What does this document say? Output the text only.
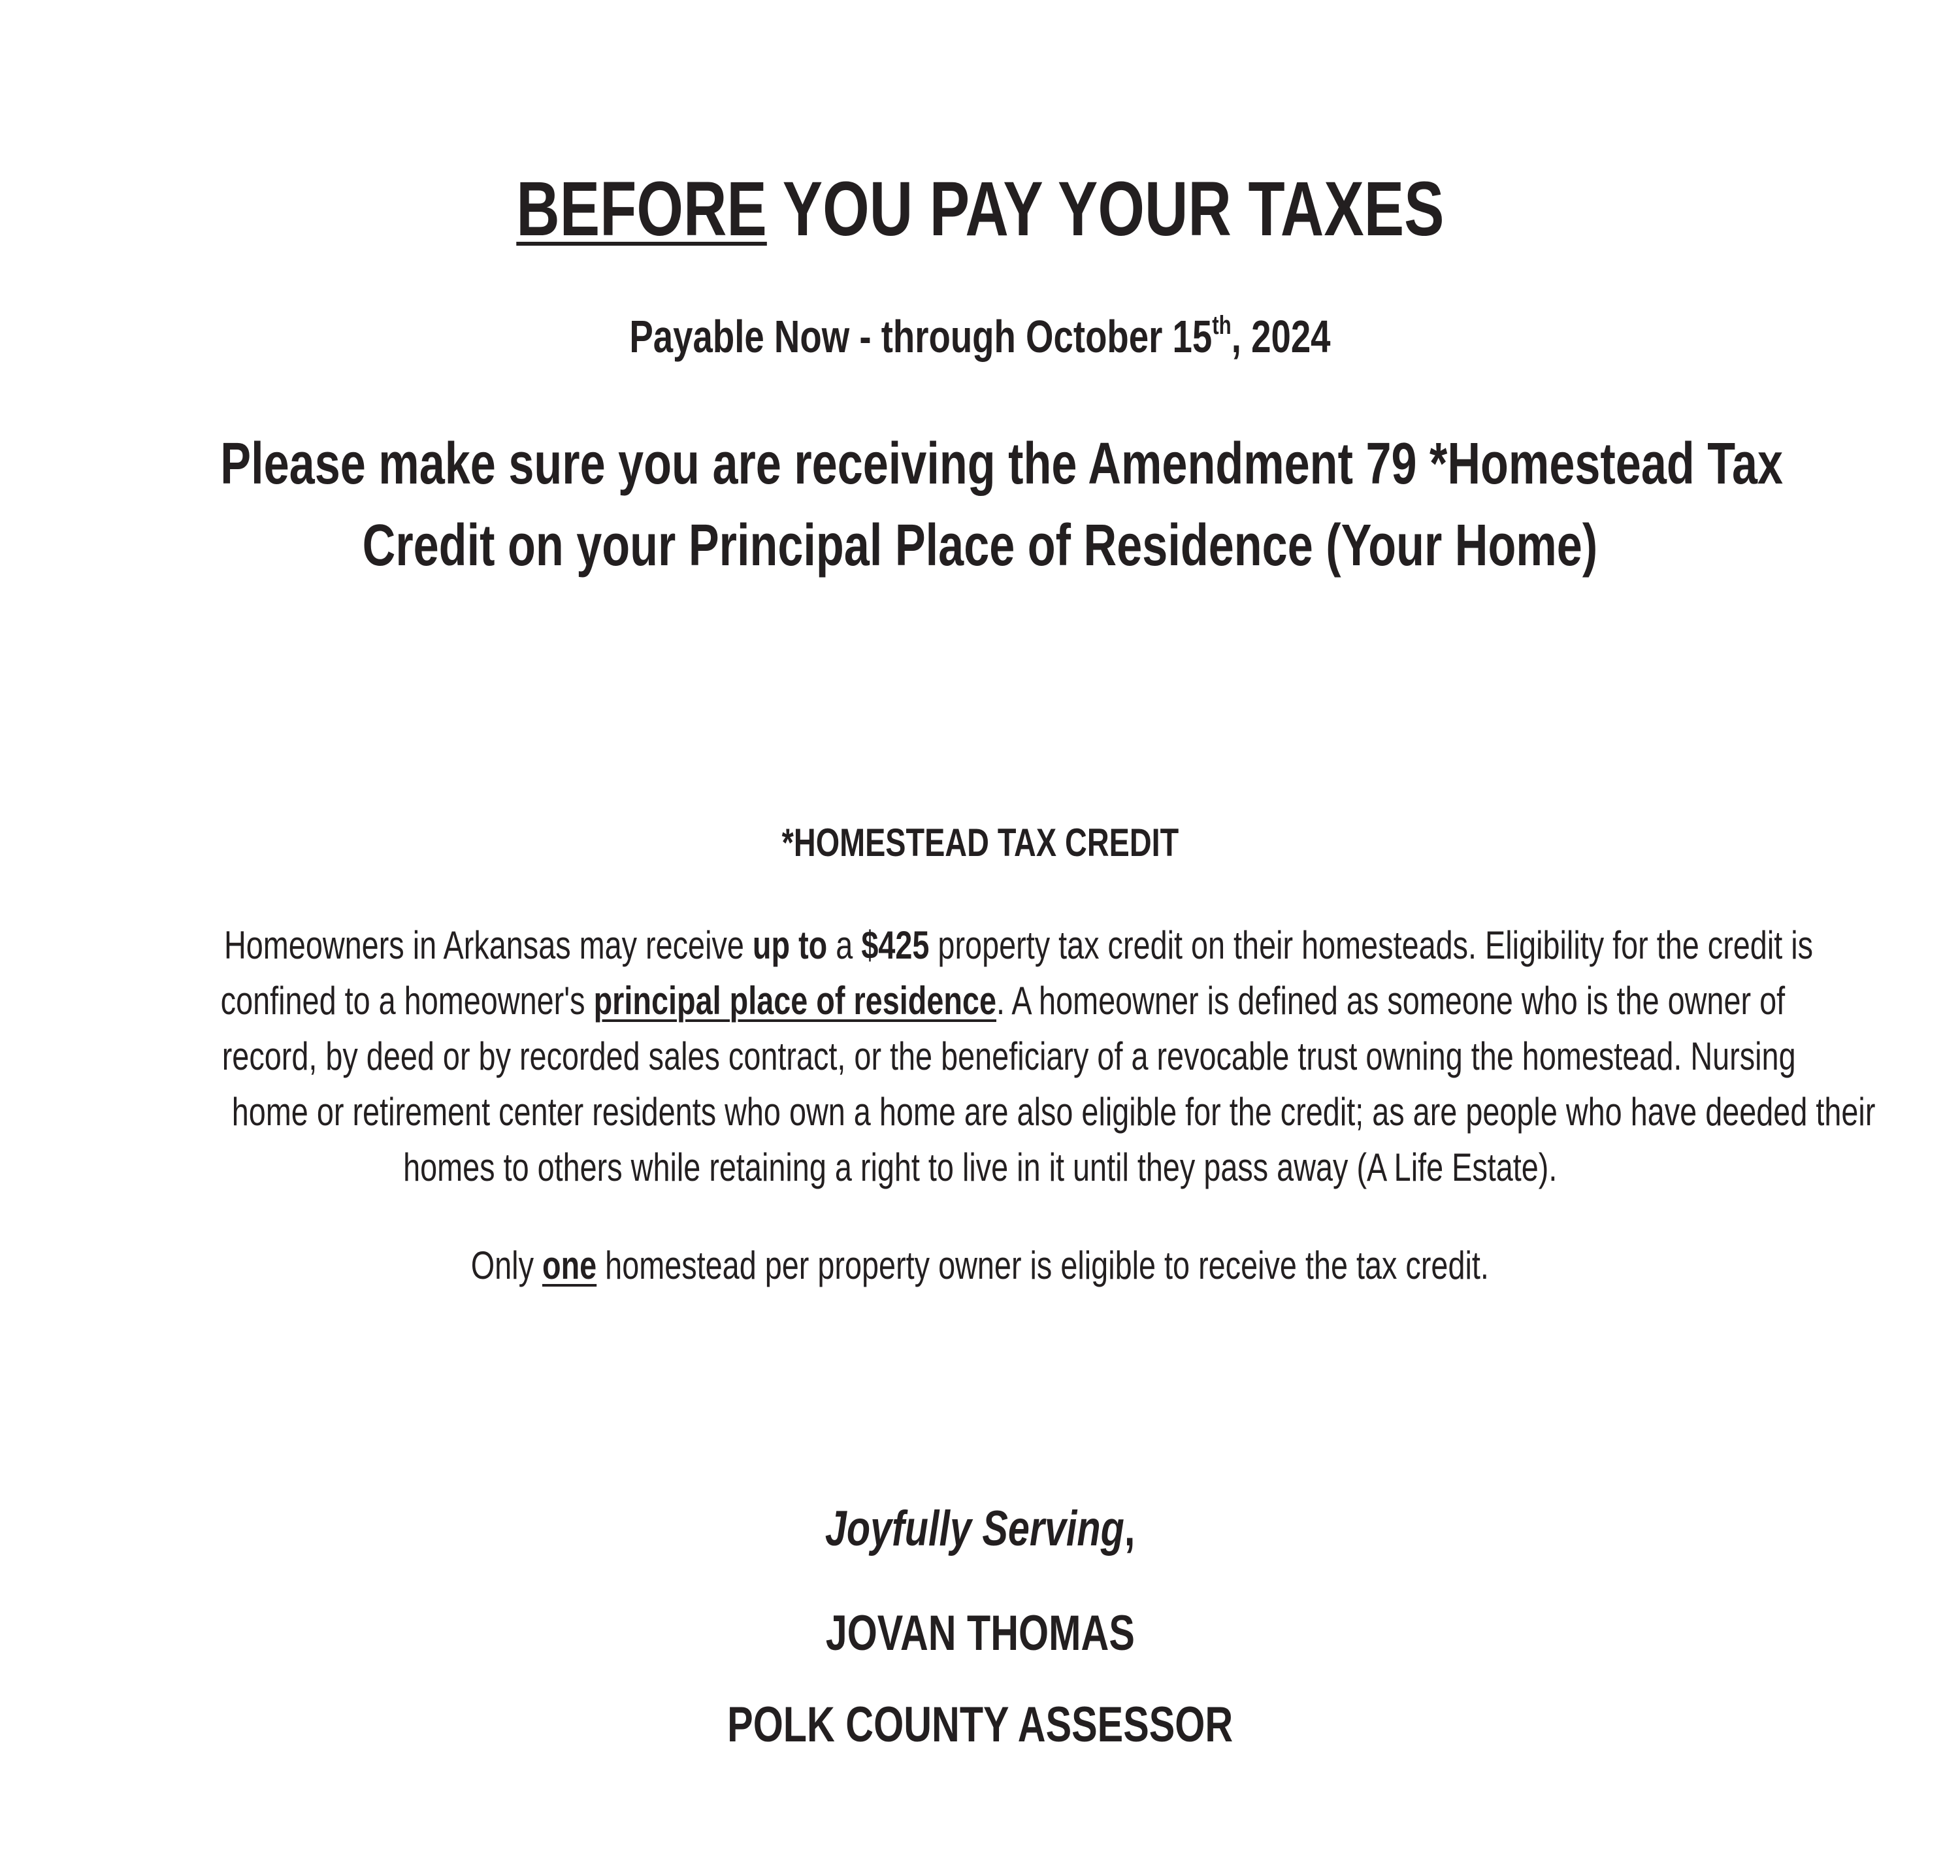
BEFORE YOU PAY YOUR TAXES
Payable Now - through October 15th, 2024
Please make sure you are receiving the Amendment 79 *Homestead Tax
Credit on your Principal Place of Residence (Your Home)
*HOMESTEAD TAX CREDIT
Homeowners in Arkansas may receive up to a $425 property tax credit on their homesteads. Eligibility for the credit is
confined to a homeowner's principal place of residence. A homeowner is defined as someone who is the owner of
record, by deed or by recorded sales contract, or the beneficiary of a revocable trust owning the homestead. Nursing
home or retirement center residents who own a home are also eligible for the credit; as are people who have deeded their
homes to others while retaining a right to live in it until they pass away (A Life Estate).
Only one homestead per property owner is eligible to receive the tax credit.
Joyfully Serving,
JOVAN THOMAS
POLK COUNTY ASSESSOR
